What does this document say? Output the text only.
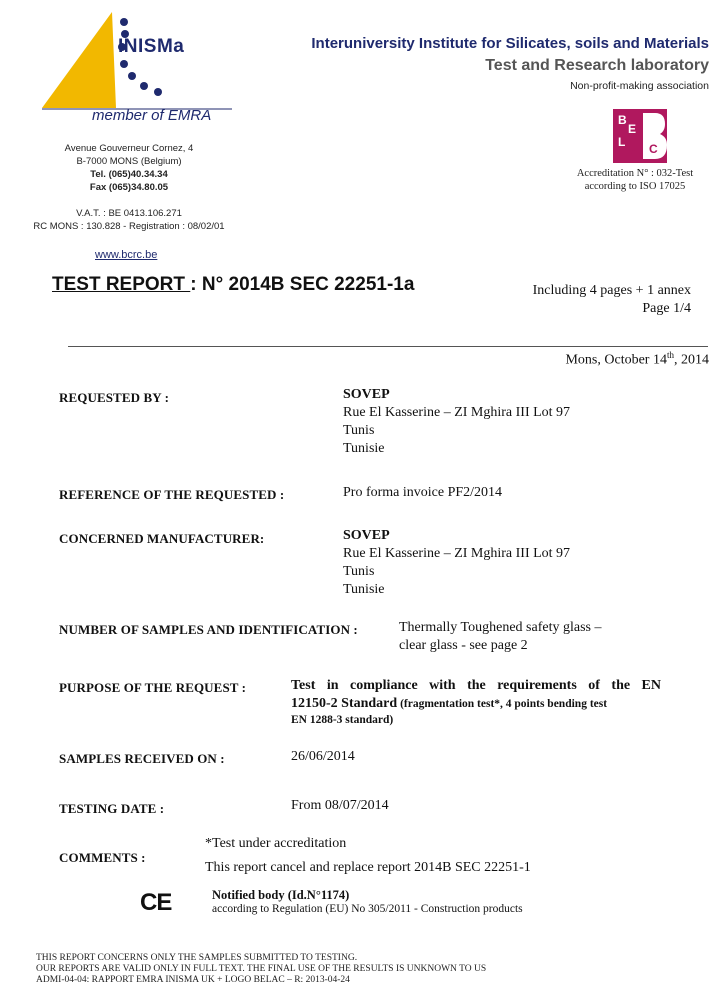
INISMa
member of EMRA
Avenue Gouverneur Cornez, 4
B-7000 MONS (Belgium)
Tel. (065)40.34.34
Fax (065)34.80.05
V.A.T. : BE 0413.106.271
RC MONS : 130.828 - Registration : 08/02/01
www.bcrc.be
Interuniversity Institute for Silicates, soils and Materials
Test and Research laboratory
Non-profit-making association
B
E
L
A C
Accreditation N° : 032-Test
according to ISO 17025
TEST REPORT : N° 2014B SEC 22251-1a	Including 4 pages + 1 annex
Page 1/4
Mons, October 14th, 2014
REQUESTED BY :	SOVEP
Rue El Kasserine – ZI Mghira III Lot 97
Tunis
Tunisie
REFERENCE OF THE REQUESTED :	Pro forma invoice PF2/2014
CONCERNED MANUFACTURER:	SOVEP
Rue El Kasserine – ZI Mghira III Lot 97
Tunis
Tunisie
NUMBER OF SAMPLES AND IDENTIFICATION :	Thermally Toughened safety glass –
clear glass - see page 2
PURPOSE OF THE REQUEST :	Test in compliance with the requirements of the EN
12150-2 Standard (fragmentation test*, 4 points bending test
EN 1288-3 standard)
SAMPLES RECEIVED ON :	26/06/2014
TESTING DATE :	From 08/07/2014
COMMENTS :
*Test under accreditation
This report cancel and replace report 2014B SEC 22251-1
CE	Notified body (Id.N°1174)
according to Regulation (EU) No 305/2011 - Construction products
THIS REPORT CONCERNS ONLY THE SAMPLES SUBMITTED TO TESTING.
OUR REPORTS ARE VALID ONLY IN FULL TEXT. THE FINAL USE OF THE RESULTS IS UNKNOWN TO US
ADMI-04-04: RAPPORT EMRA INISMA UK + LOGO BELAC – R: 2013-04-24
